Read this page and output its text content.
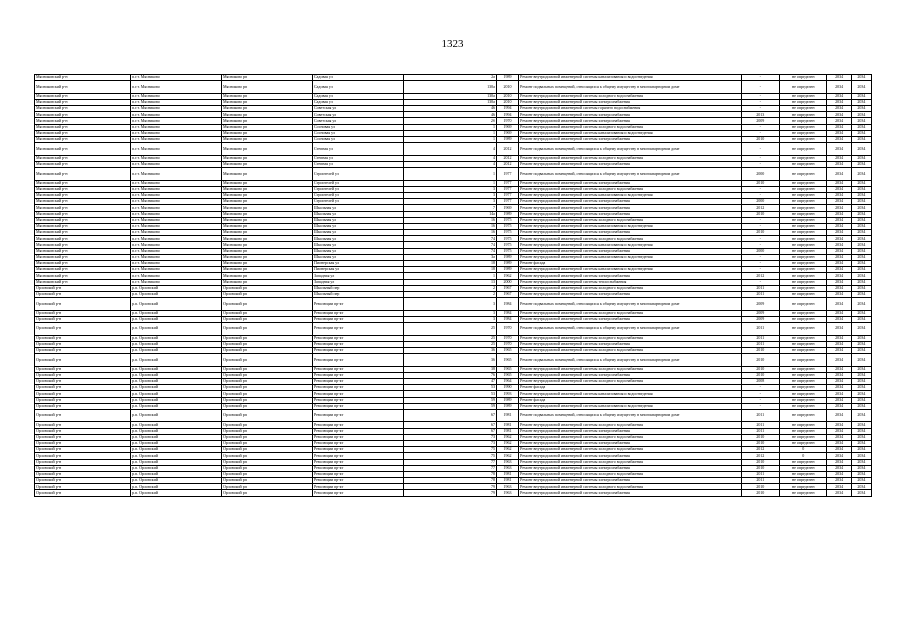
1323
Мясниковский р-н	п.г.т. Мясниково	Мясниково рп	Садовая ул	2а	1989	Ремонт внутридомовой инженерной системы канализования и водоотведения	-	не определен	2034	2034
Мясниковский р-н	п.г.т. Мясниково	Мясниково рп	Садовая ул	130а	2010	Ремонт подвальных помещений, относящихся к общему имуществу в многоквартирном доме	-	не определен	2034	2034
Мясниковский р-н	п.г.т. Мясниково	Мясниково рп	Садовая ул	130а	2010	Ремонт внутридомовой инженерной системы холодного водоснабжения	-	не определен	2034	2034
Мясниковский р-н	п.г.т. Мясниково	Мясниково рп	Садовая ул	130а	2010	Ремонт внутридомовой инженерной системы электроснабжения	-	не определен	2034	2034
Мясниковский р-н	п.г.т. Мясниково	Мясниково рп	Советская ул	46	1994	Ремонт внутридомовой инженерной системы горячего водоснабжения	-	не определен	2034	2034
Мясниковский р-н	п.г.т. Мясниково	Мясниково рп	Советская ул	46	1994	Ремонт внутридомовой инженерной системы электроснабжения	2013	не определен	2034	2034
Мясниковский р-н	п.г.т. Мясниково	Мясниково рп	Советская ул	2б	1970	Ремонт внутридомовой инженерной системы электроснабжения	2009	не определен	2034	2034
Мясниковский р-н	п.г.т. Мясниково	Мясниково рп	Сосновая ул	1	1969	Ремонт внутридомовой инженерной системы холодного водоснабжения	-	не определен	2034	2034
Мясниковский р-н	п.г.т. Мясниково	Мясниково рп	Сосновая ул	1	1969	Ремонт внутридомовой инженерной системы канализования и водоотведения	-	не определен	2034	2034
Мясниковский р-н	п.г.т. Мясниково	Мясниково рп	Сосновая ул	1	1989	Ремонт внутридомовой инженерной системы электроснабжения	2010	не определен	2034	2034
Мясниковский р-н	п.г.т. Мясниково	Мясниково рп	Степная ул	4	2012	Ремонт подвальных помещений, относящихся к общему имуществу в многоквартирном доме	-	не определен	2034	2034
Мясниковский р-н	п.г.т. Мясниково	Мясниково рп	Степная ул	4	2012	Ремонт внутридомовой инженерной системы холодного водоснабжения	-	не определен	2034	2034
Мясниковский р-н	п.г.т. Мясниково	Мясниково рп	Степная ул	4	2012	Ремонт внутридомовой инженерной системы электроснабжения	-	не определен	2034	2034
Мясниковский р-н	п.г.т. Мясниково	Мясниково рп	Строителей ул	1	1977	Ремонт подвальных помещений, относящихся к общему имуществу в многоквартирном доме	2000	не определен	2034	2034
Мясниковский р-н	п.г.т. Мясниково	Мясниково рп	Строителей ул	1	1977	Ремонт внутридомовой инженерной системы электроснабжения	2010	не определен	2034	2034
Мясниковский р-н	п.г.т. Мясниково	Мясниково рп	Строителей ул	3	1977	Ремонт внутридомовой инженерной системы холодного водоснабжения	-	не определен	2034	2034
Мясниковский р-н	п.г.т. Мясниково	Мясниково рп	Строителей ул	3	1977	Ремонт внутридомовой инженерной системы канализования и водоотведения	-	не определен	2034	2034
Мясниковский р-н	п.г.т. Мясниково	Мясниково рп	Строителей ул	3	1977	Ремонт внутридомовой инженерной системы электроснабжения	2000	не определен	2034	2034
Мясниковский р-н	п.г.т. Мясниково	Мясниково рп	Школьная ул	7	1969	Ремонт внутридомовой инженерной системы электроснабжения	2012	не определен	2034	2034
Мясниковский р-н	п.г.т. Мясниково	Мясниково рп	Школьная ул	14а	1989	Ремонт внутридомовой инженерной системы электроснабжения	2010	не определен	2034	2034
Мясниковский р-н	п.г.т. Мясниково	Мясниково рп	Школьная ул	16	1975	Ремонт внутридомовой инженерной системы холодного водоснабжения	-	не определен	2034	2034
Мясниковский р-н	п.г.т. Мясниково	Мясниково рп	Школьная ул	16	1975	Ремонт внутридомовой инженерной системы канализования и водоотведения	-	не определен	2034	2034
Мясниковский р-н	п.г.т. Мясниково	Мясниково рп	Школьная ул	16	1975	Ремонт внутридомовой инженерной системы электроснабжения	2010	не определен	2034	2034
Мясниковский р-н	п.г.т. Мясниково	Мясниково рп	Школьная ул	74	1975	Ремонт внутридомовой инженерной системы холодного водоснабжения	-	не определен	2034	2034
Мясниковский р-н	п.г.т. Мясниково	Мясниково рп	Школьная ул	74	1975	Ремонт внутридомовой инженерной системы канализования и водоотведения	-	не определен	2034	2034
Мясниковский р-н	п.г.т. Мясниково	Мясниково рп	Школьная ул	74	1975	Ремонт внутридомовой инженерной системы электроснабжения	2000	не определен	2034	2034
Мясниковский р-н	п.г.т. Мясниково	Мясниково рп	Школьная ул	3а	1989	Ремонт внутридомовой инженерной системы канализования и водоотведения	-	не определен	2034	2034
Мясниковский р-н	п.г.т. Мясниково	Мясниково рп	Пионерская ул	18	1989	Ремонт фасада	-	не определен	2034	2034
Мясниковский р-н	п.г.т. Мясниково	Мясниково рп	Пионерская ул	18	1989	Ремонт внутридомовой инженерной системы канализования и водоотведения	-	не определен	2034	2034
Мясниковский р-н	п.г.т. Мясниково	Мясниково рп	Западная ул	1	1962	Ремонт внутридомовой инженерной системы электроснабжения	2012	не определен	2034	2034
Мясниковский р-н	п.г.т. Мясниково	Мясниково рп	Западная ул	13	2000	Ремонт внутридомовой инженерной системы теплоснабжения	-	не определен	2034	2034
Орловский р-н	р.п. Орловский	Орловский рп	Школьный пер	2	1967	Ремонт внутридомовой инженерной системы холодного водоснабжения	2011	не определен	2034	2034
Орловский р-н	р.п. Орловский	Орловский рп	Школьный пер	2	1967	Ремонт внутридомовой инженерной системы электроснабжения	2011	не определен	2034	2034
Орловский р-н	р.п. Орловский	Орловский рп	Революции пр-кт	3	1984	Ремонт подвальных помещений, относящихся к общему имуществу в многоквартирном доме	2009	не определен	2034	2034
Орловский р-н	р.п. Орловский	Орловский рп	Революции пр-кт	3	1984	Ремонт внутридомовой инженерной системы холодного водоснабжения	2009	не определен	2034	2034
Орловский р-н	р.п. Орловский	Орловский рп	Революции пр-кт	3	1984	Ремонт внутридомовой инженерной системы электроснабжения	2009	не определен	2034	2034
Орловский р-н	р.п. Орловский	Орловский рп	Революции пр-кт	25	1970	Ремонт подвальных помещений, относящихся к общему имуществу в многоквартирном доме	2011	не определен	2034	2034
Орловский р-н	р.п. Орловский	Орловский рп	Революции пр-кт	25	1970	Ремонт внутридомовой инженерной системы холодного водоснабжения	2011	не определен	2034	2034
Орловский р-н	р.п. Орловский	Орловский рп	Революции пр-кт	25	1970	Ремонт внутридомовой инженерной системы электроснабжения	2011	не определен	2034	2034
Орловский р-н	р.п. Орловский	Орловский рп	Революции пр-кт	36	1965	Ремонт внутридомовой инженерной системы холодного водоснабжения	2010	не определен	2034	2034
Орловский р-н	р.п. Орловский	Орловский рп	Революции пр-кт	36	1965	Ремонт подвальных помещений, относящихся к общему имуществу в многоквартирном доме	2010	не определен	2034	2034
Орловский р-н	р.п. Орловский	Орловский рп	Революции пр-кт	38	1965	Ремонт внутридомовой инженерной системы холодного водоснабжения	2010	не определен	2034	2034
Орловский р-н	р.п. Орловский	Орловский рп	Революции пр-кт	76	1965	Ремонт внутридомовой инженерной системы электроснабжения	2010	не определен	2034	2034
Орловский р-н	р.п. Орловский	Орловский рп	Революции пр-кт	47	1964	Ремонт внутридомовой инженерной системы холодного водоснабжения	2008	не определен	2034	2034
Орловский р-н	р.п. Орловский	Орловский рп	Революции пр-кт	53	1990	Ремонт фасада	-	не определен	2034	2034
Орловский р-н	р.п. Орловский	Орловский рп	Революции пр-кт	53	1993	Ремонт внутридомовой инженерной системы канализования и водоотведения	-	не определен	2034	2034
Орловский р-н	р.п. Орловский	Орловский рп	Революции пр-кт	59	1989	Ремонт фасада	-	не определен	2034	2034
Орловский р-н	р.п. Орловский	Орловский рп	Революции пр-кт	59	1989	Ремонт внутридомовой инженерной системы канализования и водоотведения	-	не определен	2034	2034
Орловский р-н	р.п. Орловский	Орловский рп	Революции пр-кт	67	1981	Ремонт подвальных помещений, относящихся к общему имуществу в многоквартирном доме	2011	не определен	2034	2034
Орловский р-н	р.п. Орловский	Орловский рп	Революции пр-кт	67	1981	Ремонт внутридомовой инженерной системы холодного водоснабжения	2011	не определен	2034	2034
Орловский р-н	р.п. Орловский	Орловский рп	Революции пр-кт	67	1981	Ремонт внутридомовой инженерной системы электроснабжения	2011	не определен	2034	2034
Орловский р-н	р.п. Орловский	Орловский рп	Революции пр-кт	73	1962	Ремонт внутридомовой инженерной системы холодного водоснабжения	2010	не определен	2034	2034
Орловский р-н	р.п. Орловский	Орловский рп	Революции пр-кт	73	1962	Ремонт внутридомовой инженерной системы электроснабжения	2010	не определен	2034	2034
Орловский р-н	р.п. Орловский	Орловский рп	Революции пр-кт	75	1962	Ремонт внутридомовой инженерной системы холодного водоснабжения	2012	0	2034	2034
Орловский р-н	р.п. Орловский	Орловский рп	Революции пр-кт	75	1962	Ремонт внутридомовой инженерной системы электроснабжения	2012	0	2034	2034
Орловский р-н	р.п. Орловский	Орловский рп	Революции пр-кт	77	1963	Ремонт внутридомовой инженерной системы холодного водоснабжения	2010	не определен	2034	2034
Орловский р-н	р.п. Орловский	Орловский рп	Революции пр-кт	77	1963	Ремонт внутридомовой инженерной системы электроснабжения	2010	не определен	2034	2034
Орловский р-н	р.п. Орловский	Орловский рп	Революции пр-кт	78	1981	Ремонт внутридомовой инженерной системы холодного водоснабжения	2011	не определен	2034	2034
Орловский р-н	р.п. Орловский	Орловский рп	Революции пр-кт	78	1981	Ремонт внутридомовой инженерной системы электроснабжения	2011	не определен	2034	2034
Орловский р-н	р.п. Орловский	Орловский рп	Революции пр-кт	79	1963	Ремонт внутридомовой инженерной системы холодного водоснабжения	2010	не определен	2034	2034
Орловский р-н	р.п. Орловский	Орловский рп	Революции пр-кт	79	1963	Ремонт внутридомовой инженерной системы электроснабжения	2010	не определен	2034	2034
